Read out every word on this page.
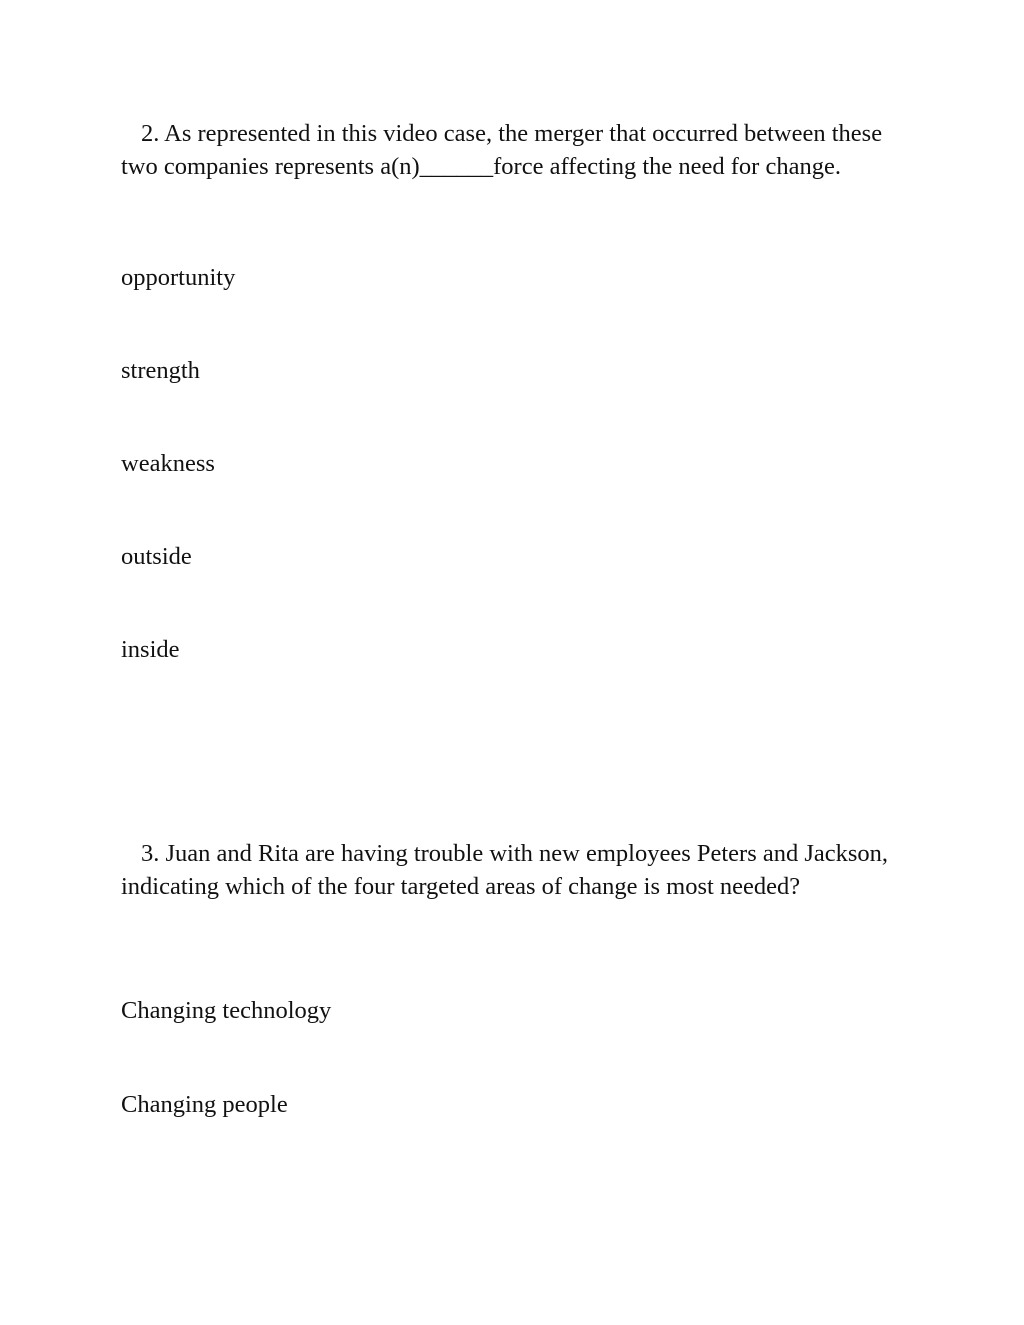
2. As represented in this video case, the merger that occurred between these two companies represents a(n)______force affecting the need for change.

opportunity

strength

weakness

outside

inside

3. Juan and Rita are having trouble with new employees Peters and Jackson, indicating which of the four targeted areas of change is most needed?

Changing technology

Changing people
